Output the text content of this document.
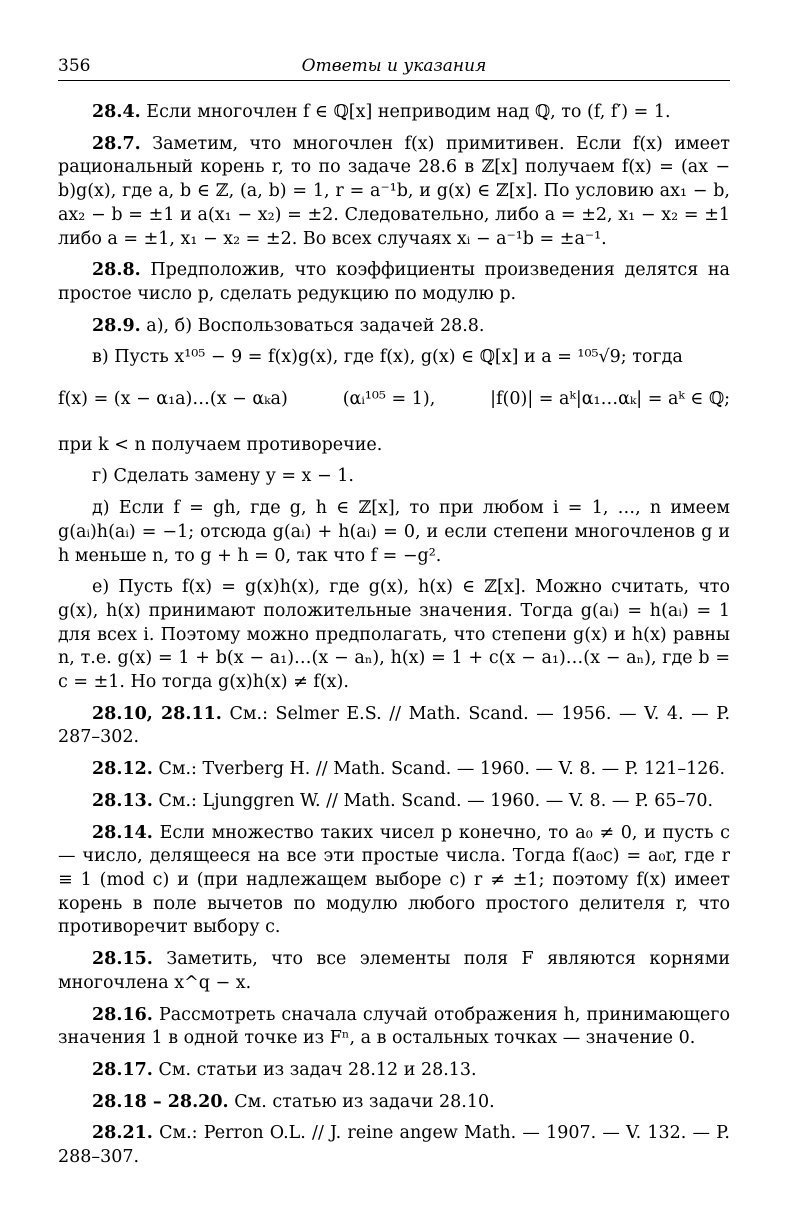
356	Ответы и указания

28.4. Если многочлен f ∈ ℚ[x] неприводим над ℚ, то (f, f′) = 1.

28.7. Заметим, что многочлен f(x) примитивен. Если f(x) имеет рациональный корень r, то по задаче 28.6 в ℤ[x] получаем f(x) = (ax − b)g(x), где a, b ∈ ℤ, (a, b) = 1, r = a⁻¹b, и g(x) ∈ ℤ[x]. По условию ax₁ − b, ax₂ − b = ±1 и a(x₁ − x₂) = ±2. Следовательно, либо a = ±2, x₁ − x₂ = ±1 либо a = ±1, x₁ − x₂ = ±2. Во всех случаях xᵢ − a⁻¹b = ±a⁻¹.

28.8. Предположив, что коэффициенты произведения делятся на простое число p, сделать редукцию по модулю p.

28.9. а), б) Воспользоваться задачей 28.8.

в) Пусть x¹⁰⁵ − 9 = f(x)g(x), где f(x), g(x) ∈ ℚ[x] и a = ¹⁰⁵√9; тогда

f(x) = (x − α₁a)…(x − αₖa)	(αᵢ¹⁰⁵ = 1),	|f(0)| = aᵏ|α₁…αₖ| = aᵏ ∈ ℚ;

при k < n получаем противоречие.

г) Сделать замену y = x − 1.

д) Если f = gh, где g, h ∈ ℤ[x], то при любом i = 1, …, n имеем g(aᵢ)h(aᵢ) = −1; отсюда g(aᵢ) + h(aᵢ) = 0, и если степени многочленов g и h меньше n, то g + h = 0, так что f = −g².

е) Пусть f(x) = g(x)h(x), где g(x), h(x) ∈ ℤ[x]. Можно считать, что g(x), h(x) принимают положительные значения. Тогда g(aᵢ) = h(aᵢ) = 1 для всех i. Поэтому можно предполагать, что степени g(x) и h(x) равны n, т.е. g(x) = 1 + b(x − a₁)…(x − aₙ), h(x) = 1 + c(x − a₁)…(x − aₙ), где b = c = ±1. Но тогда g(x)h(x) ≠ f(x).

28.10, 28.11. См.: Selmer E.S. // Math. Scand. — 1956. — V. 4. — P. 287–302.

28.12. См.: Tverberg H. // Math. Scand. — 1960. — V. 8. — P. 121–126.

28.13. См.: Ljunggren W. // Math. Scand. — 1960. — V. 8. — P. 65–70.

28.14. Если множество таких чисел p конечно, то a₀ ≠ 0, и пусть c — число, делящееся на все эти простые числа. Тогда f(a₀c) = a₀r, где r ≡ 1 (mod c) и (при надлежащем выборе c) r ≠ ±1; поэтому f(x) имеет корень в поле вычетов по модулю любого простого делителя r, что противоречит выбору c.

28.15. Заметить, что все элементы поля F являются корнями многочлена x^q − x.

28.16. Рассмотреть сначала случай отображения h, принимающего значения 1 в одной точке из Fⁿ, а в остальных точках — значение 0.

28.17. См. статьи из задач 28.12 и 28.13.

28.18 – 28.20. См. статью из задачи 28.10.

28.21. См.: Perron O.L. // J. reine angew Math. — 1907. — V. 132. — P. 288–307.
